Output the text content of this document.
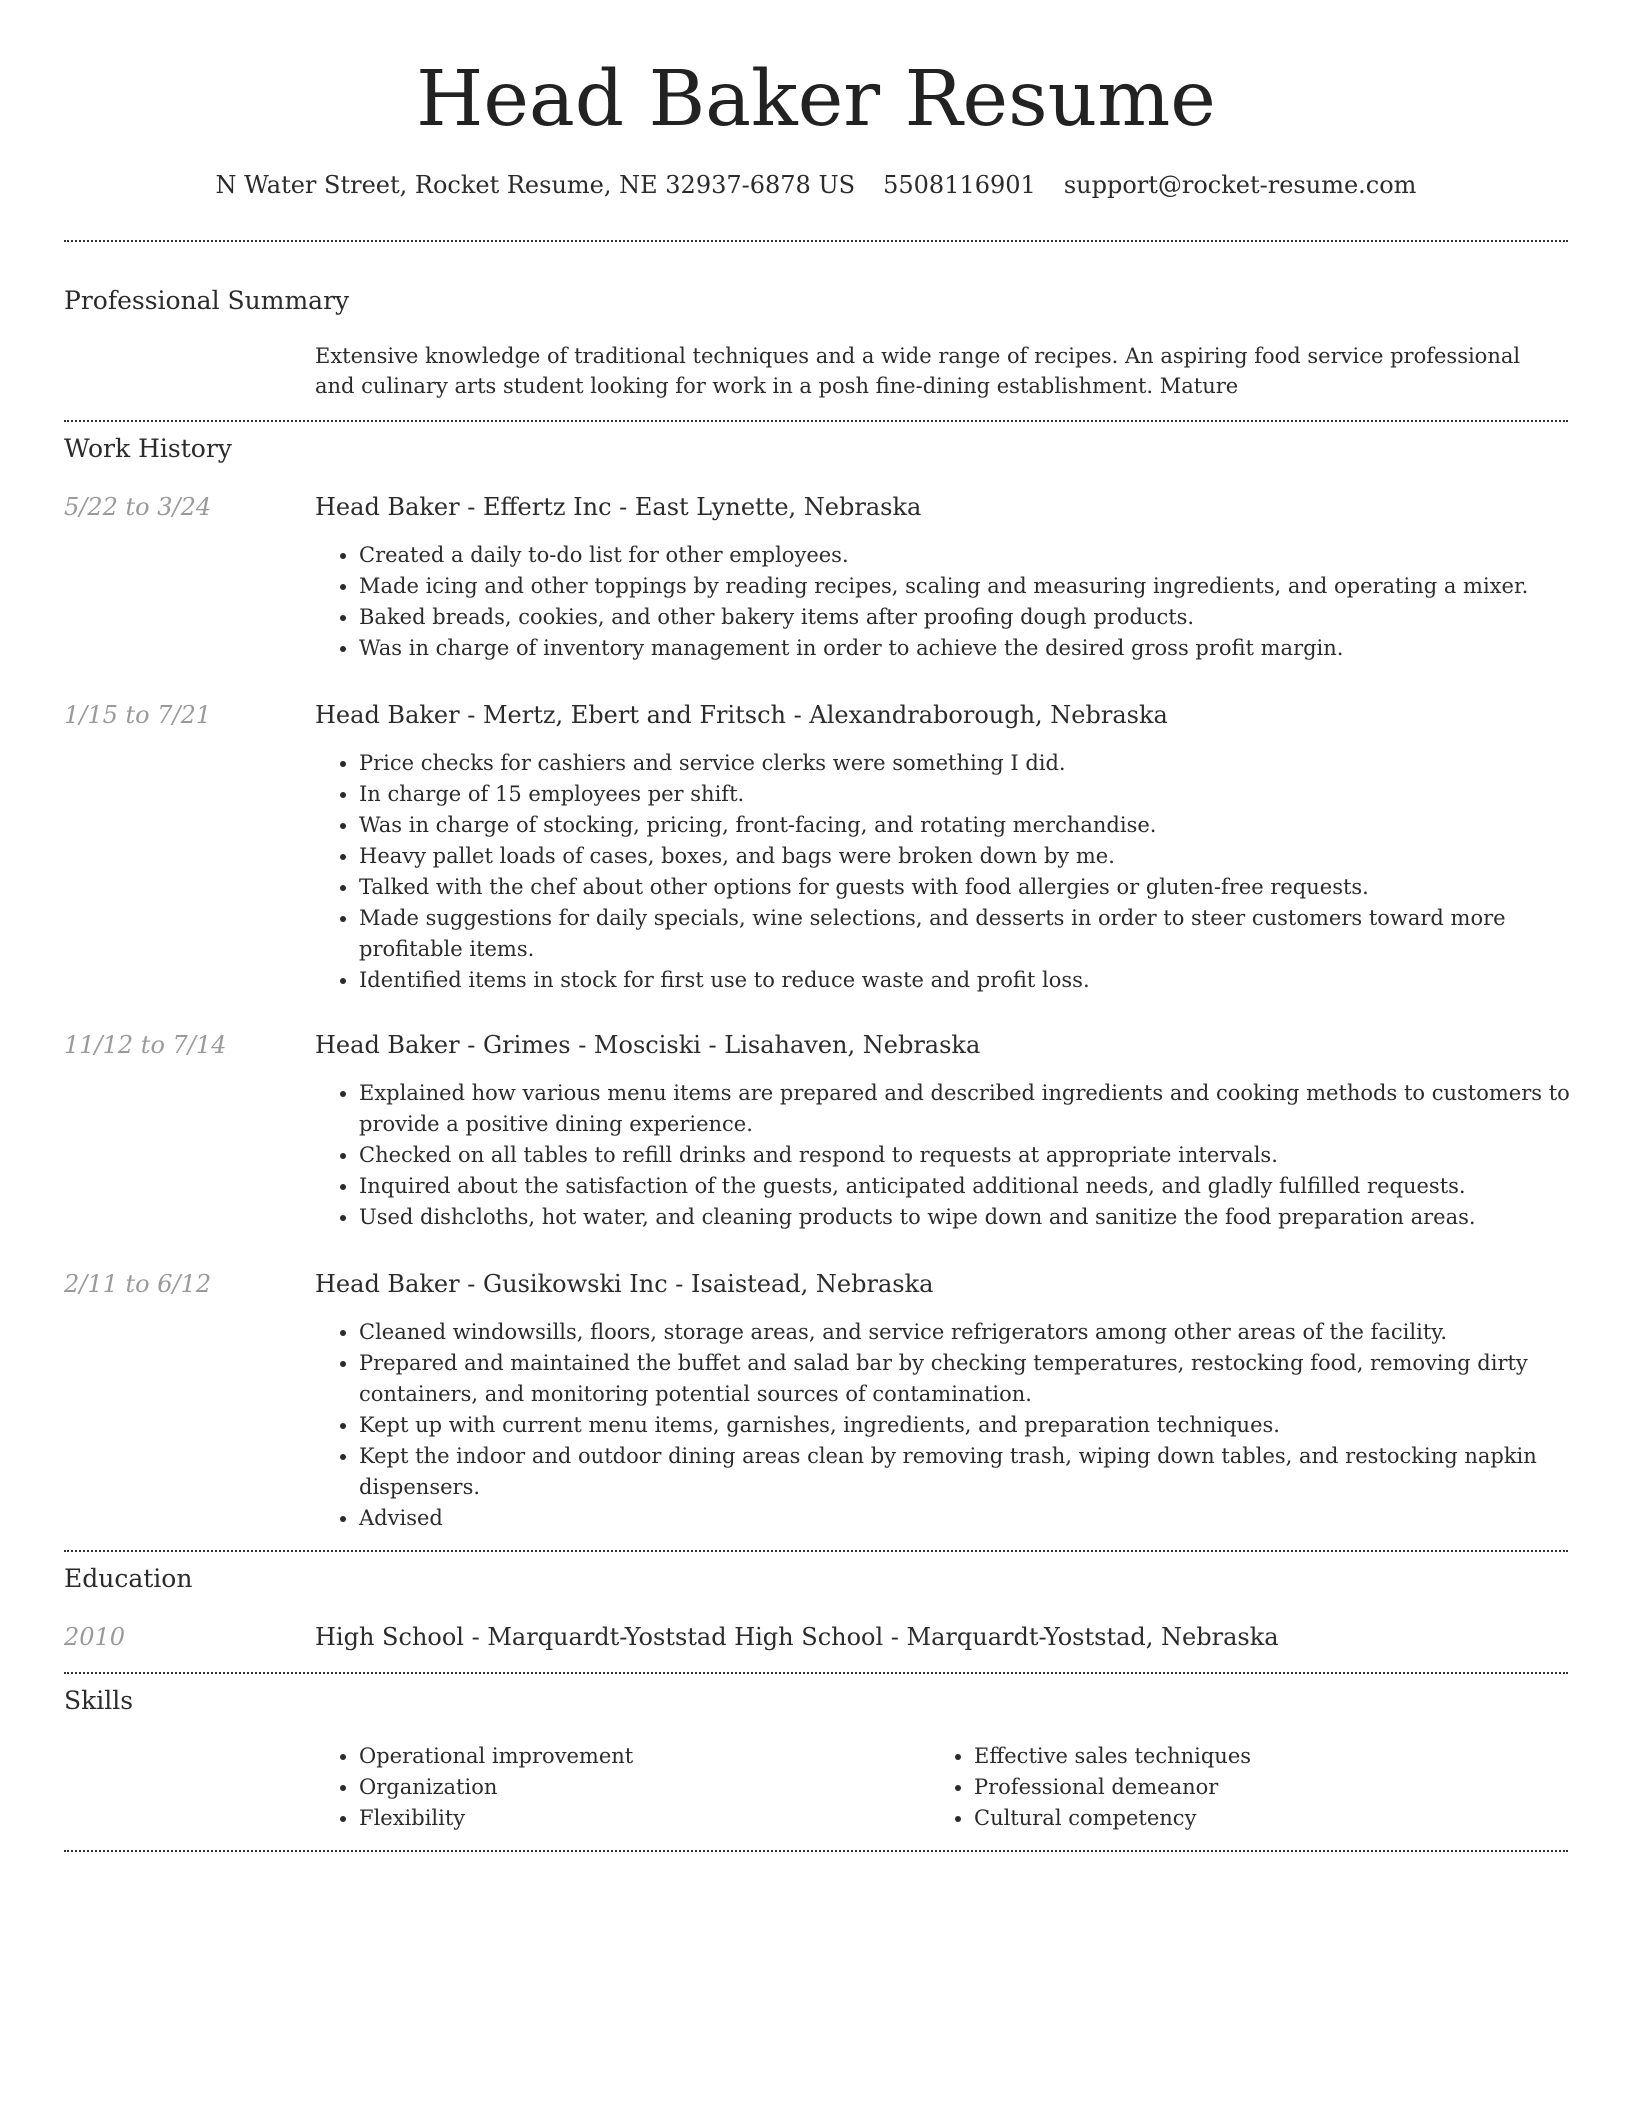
Head Baker Resume
N Water Street, Rocket Resume, NE 32937-6878 US 5508116901 support@rocket-resume.com
Professional Summary
Extensive knowledge of traditional techniques and a wide range of recipes. An aspiring food service professional and culinary arts student looking for work in a posh fine-dining establishment. Mature
Work History
5/22 to 3/24	Head Baker - Effertz Inc - East Lynette, Nebraska
• Created a daily to-do list for other employees.
• Made icing and other toppings by reading recipes, scaling and measuring ingredients, and operating a mixer.
• Baked breads, cookies, and other bakery items after proofing dough products.
• Was in charge of inventory management in order to achieve the desired gross profit margin.
1/15 to 7/21	Head Baker - Mertz, Ebert and Fritsch - Alexandraborough, Nebraska
• Price checks for cashiers and service clerks were something I did.
• In charge of 15 employees per shift.
• Was in charge of stocking, pricing, front-facing, and rotating merchandise.
• Heavy pallet loads of cases, boxes, and bags were broken down by me.
• Talked with the chef about other options for guests with food allergies or gluten-free requests.
• Made suggestions for daily specials, wine selections, and desserts in order to steer customers toward more profitable items.
• Identified items in stock for first use to reduce waste and profit loss.
11/12 to 7/14	Head Baker - Grimes - Mosciski - Lisahaven, Nebraska
• Explained how various menu items are prepared and described ingredients and cooking methods to customers to provide a positive dining experience.
• Checked on all tables to refill drinks and respond to requests at appropriate intervals.
• Inquired about the satisfaction of the guests, anticipated additional needs, and gladly fulfilled requests.
• Used dishcloths, hot water, and cleaning products to wipe down and sanitize the food preparation areas.
2/11 to 6/12	Head Baker - Gusikowski Inc - Isaistead, Nebraska
• Cleaned windowsills, floors, storage areas, and service refrigerators among other areas of the facility.
• Prepared and maintained the buffet and salad bar by checking temperatures, restocking food, removing dirty containers, and monitoring potential sources of contamination.
• Kept up with current menu items, garnishes, ingredients, and preparation techniques.
• Kept the indoor and outdoor dining areas clean by removing trash, wiping down tables, and restocking napkin dispensers.
• Advised
Education
2010	High School - Marquardt-Yoststad High School - Marquardt-Yoststad, Nebraska
Skills
• Operational improvement
• Organization
• Flexibility
• Effective sales techniques
• Professional demeanor
• Cultural competency
